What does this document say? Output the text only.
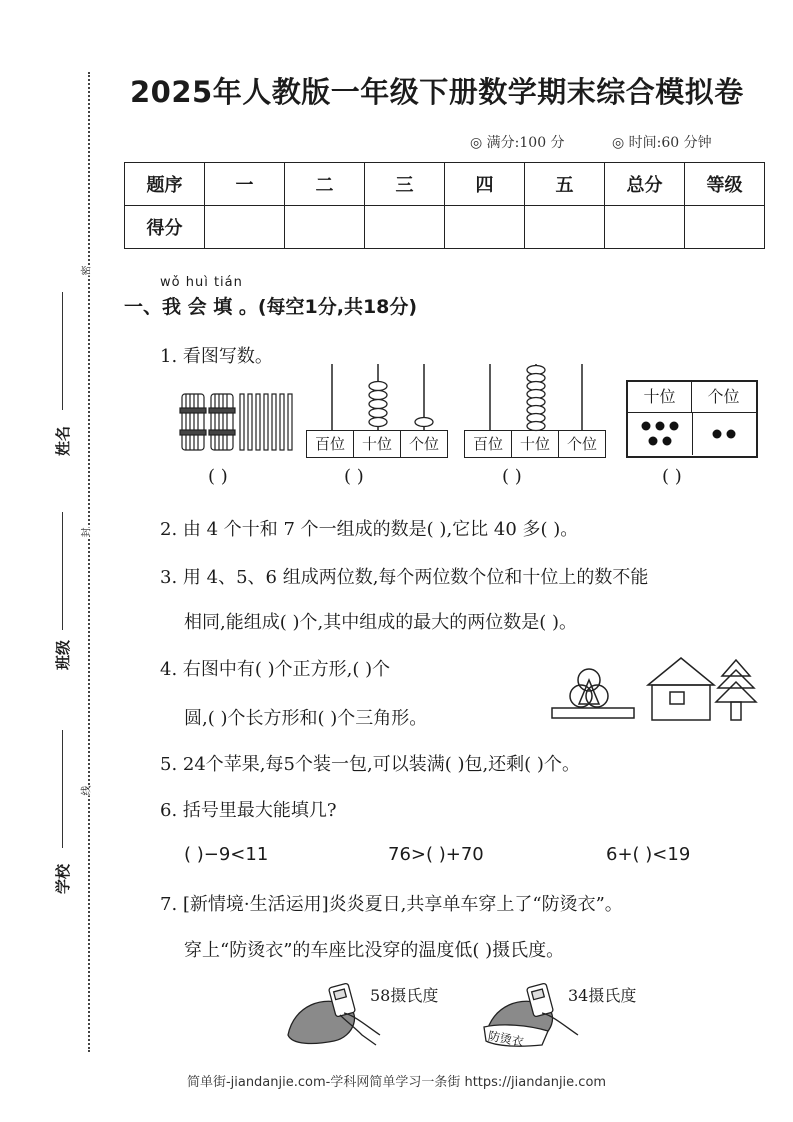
密
封
线
姓名
班级
学校
2025年人教版一年级下册数学期末综合模拟卷
◎ 满分:100 分	◎ 时间:60 分钟
题序	一	二	三	四	五	总分	等级
得分							
wǒ huì tián
一、我 会 填 。(每空1分,共18分)
1. 看图写数。
( )
百位	十位	个位
( )
百位	十位	个位
( )
十位	个位
( )
2. 由 4 个十和 7 个一组成的数是( ),它比 40 多( )。
3. 用 4、5、6 组成两位数,每个两位数个位和十位上的数不能
相同,能组成( )个,其中组成的最大的两位数是( )。
4. 右图中有( )个正方形,( )个
圆,( )个长方形和( )个三角形。
5. 24个苹果,每5个装一包,可以装满( )包,还剩( )个。
6. 括号里最大能填几?
( )−9<11	76>( )+70	6+( )<19
7. [新情境·生活运用]炎炎夏日,共享单车穿上了“防烫衣”。
穿上“防烫衣”的车座比没穿的温度低( )摄氏度。
58摄氏度
防烫衣
34摄氏度
简单街-jiandanjie.com-学科网简单学习一条街 https://jiandanjie.com
